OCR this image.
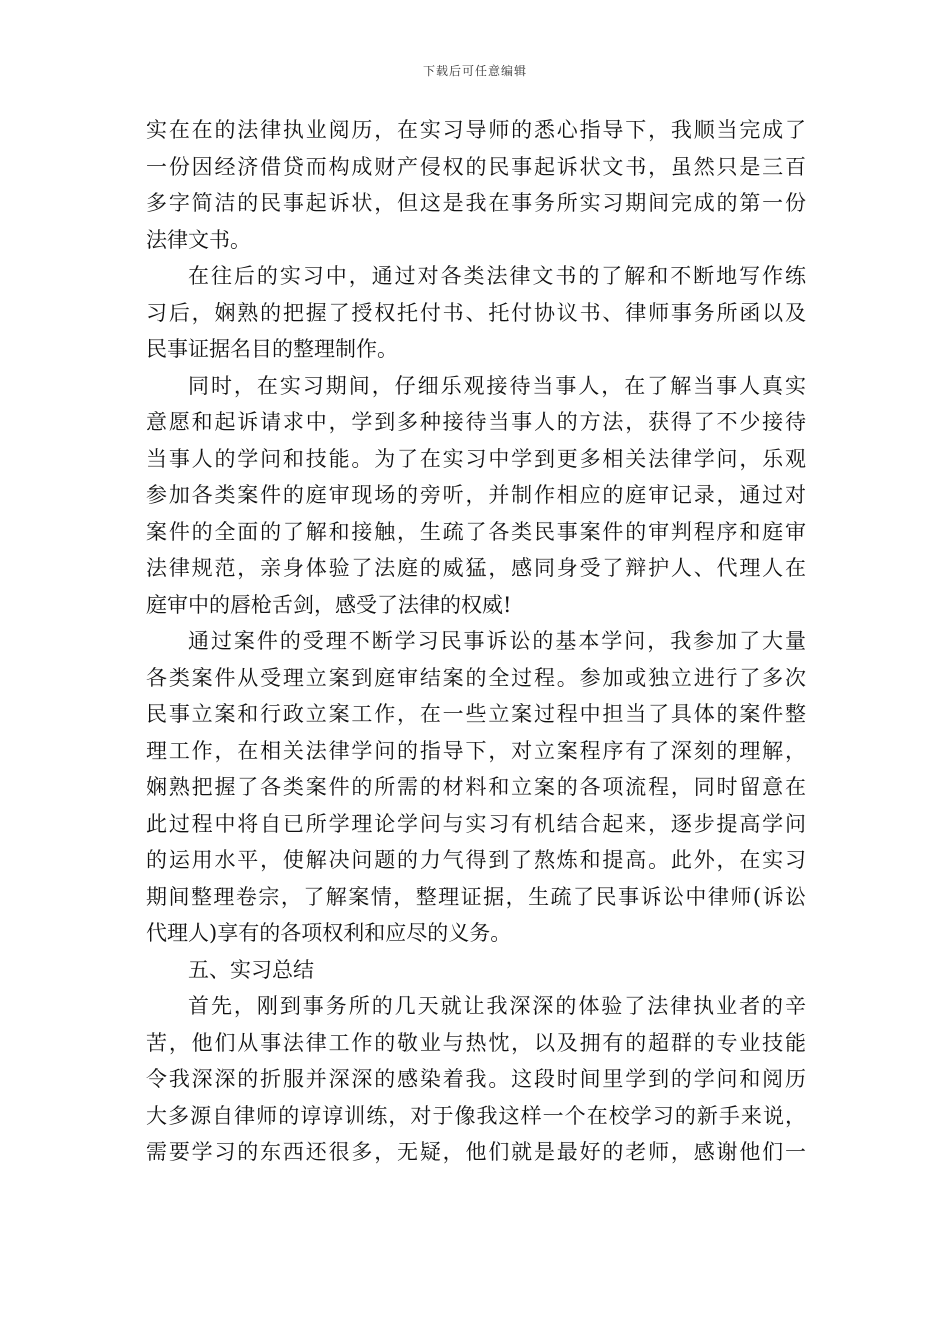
下载后可任意编辑
实在在的法律执业阅历，在实习导师的悉心指导下，我顺当完成了
一份因经济借贷而构成财产侵权的民事起诉状文书，虽然只是三百
多字简洁的民事起诉状，但这是我在事务所实习期间完成的第一份
法律文书。
在往后的实习中，通过对各类法律文书的了解和不断地写作练
习后，娴熟的把握了授权托付书、托付协议书、律师事务所函以及
民事证据名目的整理制作。
同时，在实习期间，仔细乐观接待当事人，在了解当事人真实
意愿和起诉请求中，学到多种接待当事人的方法，获得了不少接待
当事人的学问和技能。为了在实习中学到更多相关法律学问，乐观
参加各类案件的庭审现场的旁听，并制作相应的庭审记录，通过对
案件的全面的了解和接触，生疏了各类民事案件的审判程序和庭审
法律规范，亲身体验了法庭的威猛，感同身受了辩护人、代理人在
庭审中的唇枪舌剑，感受了法律的权威!
通过案件的受理不断学习民事诉讼的基本学问，我参加了大量
各类案件从受理立案到庭审结案的全过程。参加或独立进行了多次
民事立案和行政立案工作，在一些立案过程中担当了具体的案件整
理工作，在相关法律学问的指导下，对立案程序有了深刻的理解，
娴熟把握了各类案件的所需的材料和立案的各项流程，同时留意在
此过程中将自已所学理论学问与实习有机结合起来，逐步提高学问
的运用水平，使解决问题的力气得到了熬炼和提高。此外，在实习
期间整理卷宗，了解案情，整理证据，生疏了民事诉讼中律师(诉讼
代理人)享有的各项权利和应尽的义务。
五、实习总结
首先，刚到事务所的几天就让我深深的体验了法律执业者的辛
苦，他们从事法律工作的敬业与热忱，以及拥有的超群的专业技能
令我深深的折服并深深的感染着我。这段时间里学到的学问和阅历
大多源自律师的谆谆训练，对于像我这样一个在校学习的新手来说，
需要学习的东西还很多，无疑，他们就是最好的老师，感谢他们一
